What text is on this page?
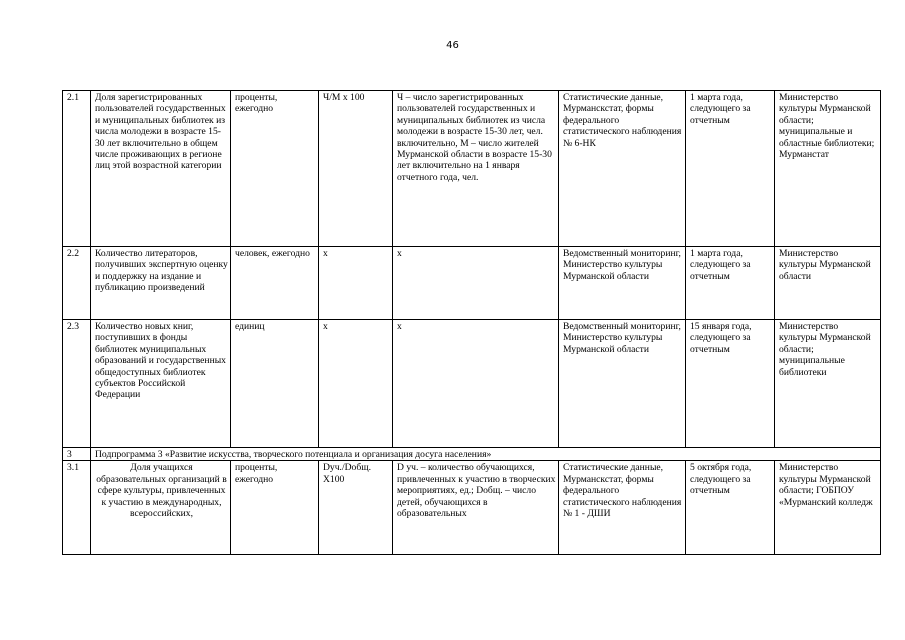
46
2.1	Доля зарегистрированных пользователей государственных и муниципальных библиотек из числа молодежи в возрасте 15-30 лет включительно в общем числе проживающих в регионе лиц этой возрастной категории	проценты, ежегодно	Ч/М х 100	Ч – число зарегистрированных пользователей государственных и муниципальных библиотек из числа молодежи в возрасте 15-30 лет, чел. включительно, М – число жителей Мурманской области в возрасте 15-30 лет включительно на 1 января отчетного года, чел.	Статистические данные, Мурманскстат, формы федерального статистического наблюдения № 6-НК	1 марта года, следующего за отчетным	Министерство культуры Мурманской области; муниципальные и областные библиотеки; Мурманстат
2.2	Количество литераторов, получивших экспертную оценку и поддержку на издание и публикацию произведений	человек, ежегодно	х	х	Ведомственный мониторинг, Министерство культуры Мурманской области	1 марта года, следующего за отчетным	Министерство культуры Мурманской области
2.3	Количество новых книг, поступивших в фонды библиотек муниципальных образований и государственных общедоступных библиотек субъектов Российской Федерации	единиц	х	х	Ведомственный мониторинг, Министерство культуры Мурманской области	15 января года, следующего за отчетным	Министерство культуры Мурманской области; муниципальные библиотеки
3	Подпрограмма 3 «Развитие искусства, творческого потенциала и организация досуга населения»						
3.1	Доля учащихся образовательных организаций в сфере культуры, привлеченных к участию в международных, всероссийских,	проценты, ежегодно	Dуч./Dобщ. Х100	D уч. – количество обучающихся, привлеченных к участию в творческих мероприятиях, ед.; Dобщ. – число детей, обучающихся в образовательных	Статистические данные, Мурманскстат, формы федерального статистического наблюдения № 1 - ДШИ	5 октября года, следующего за отчетным	Министерство культуры Мурманской области; ГОБПОУ «Мурманский колледж
